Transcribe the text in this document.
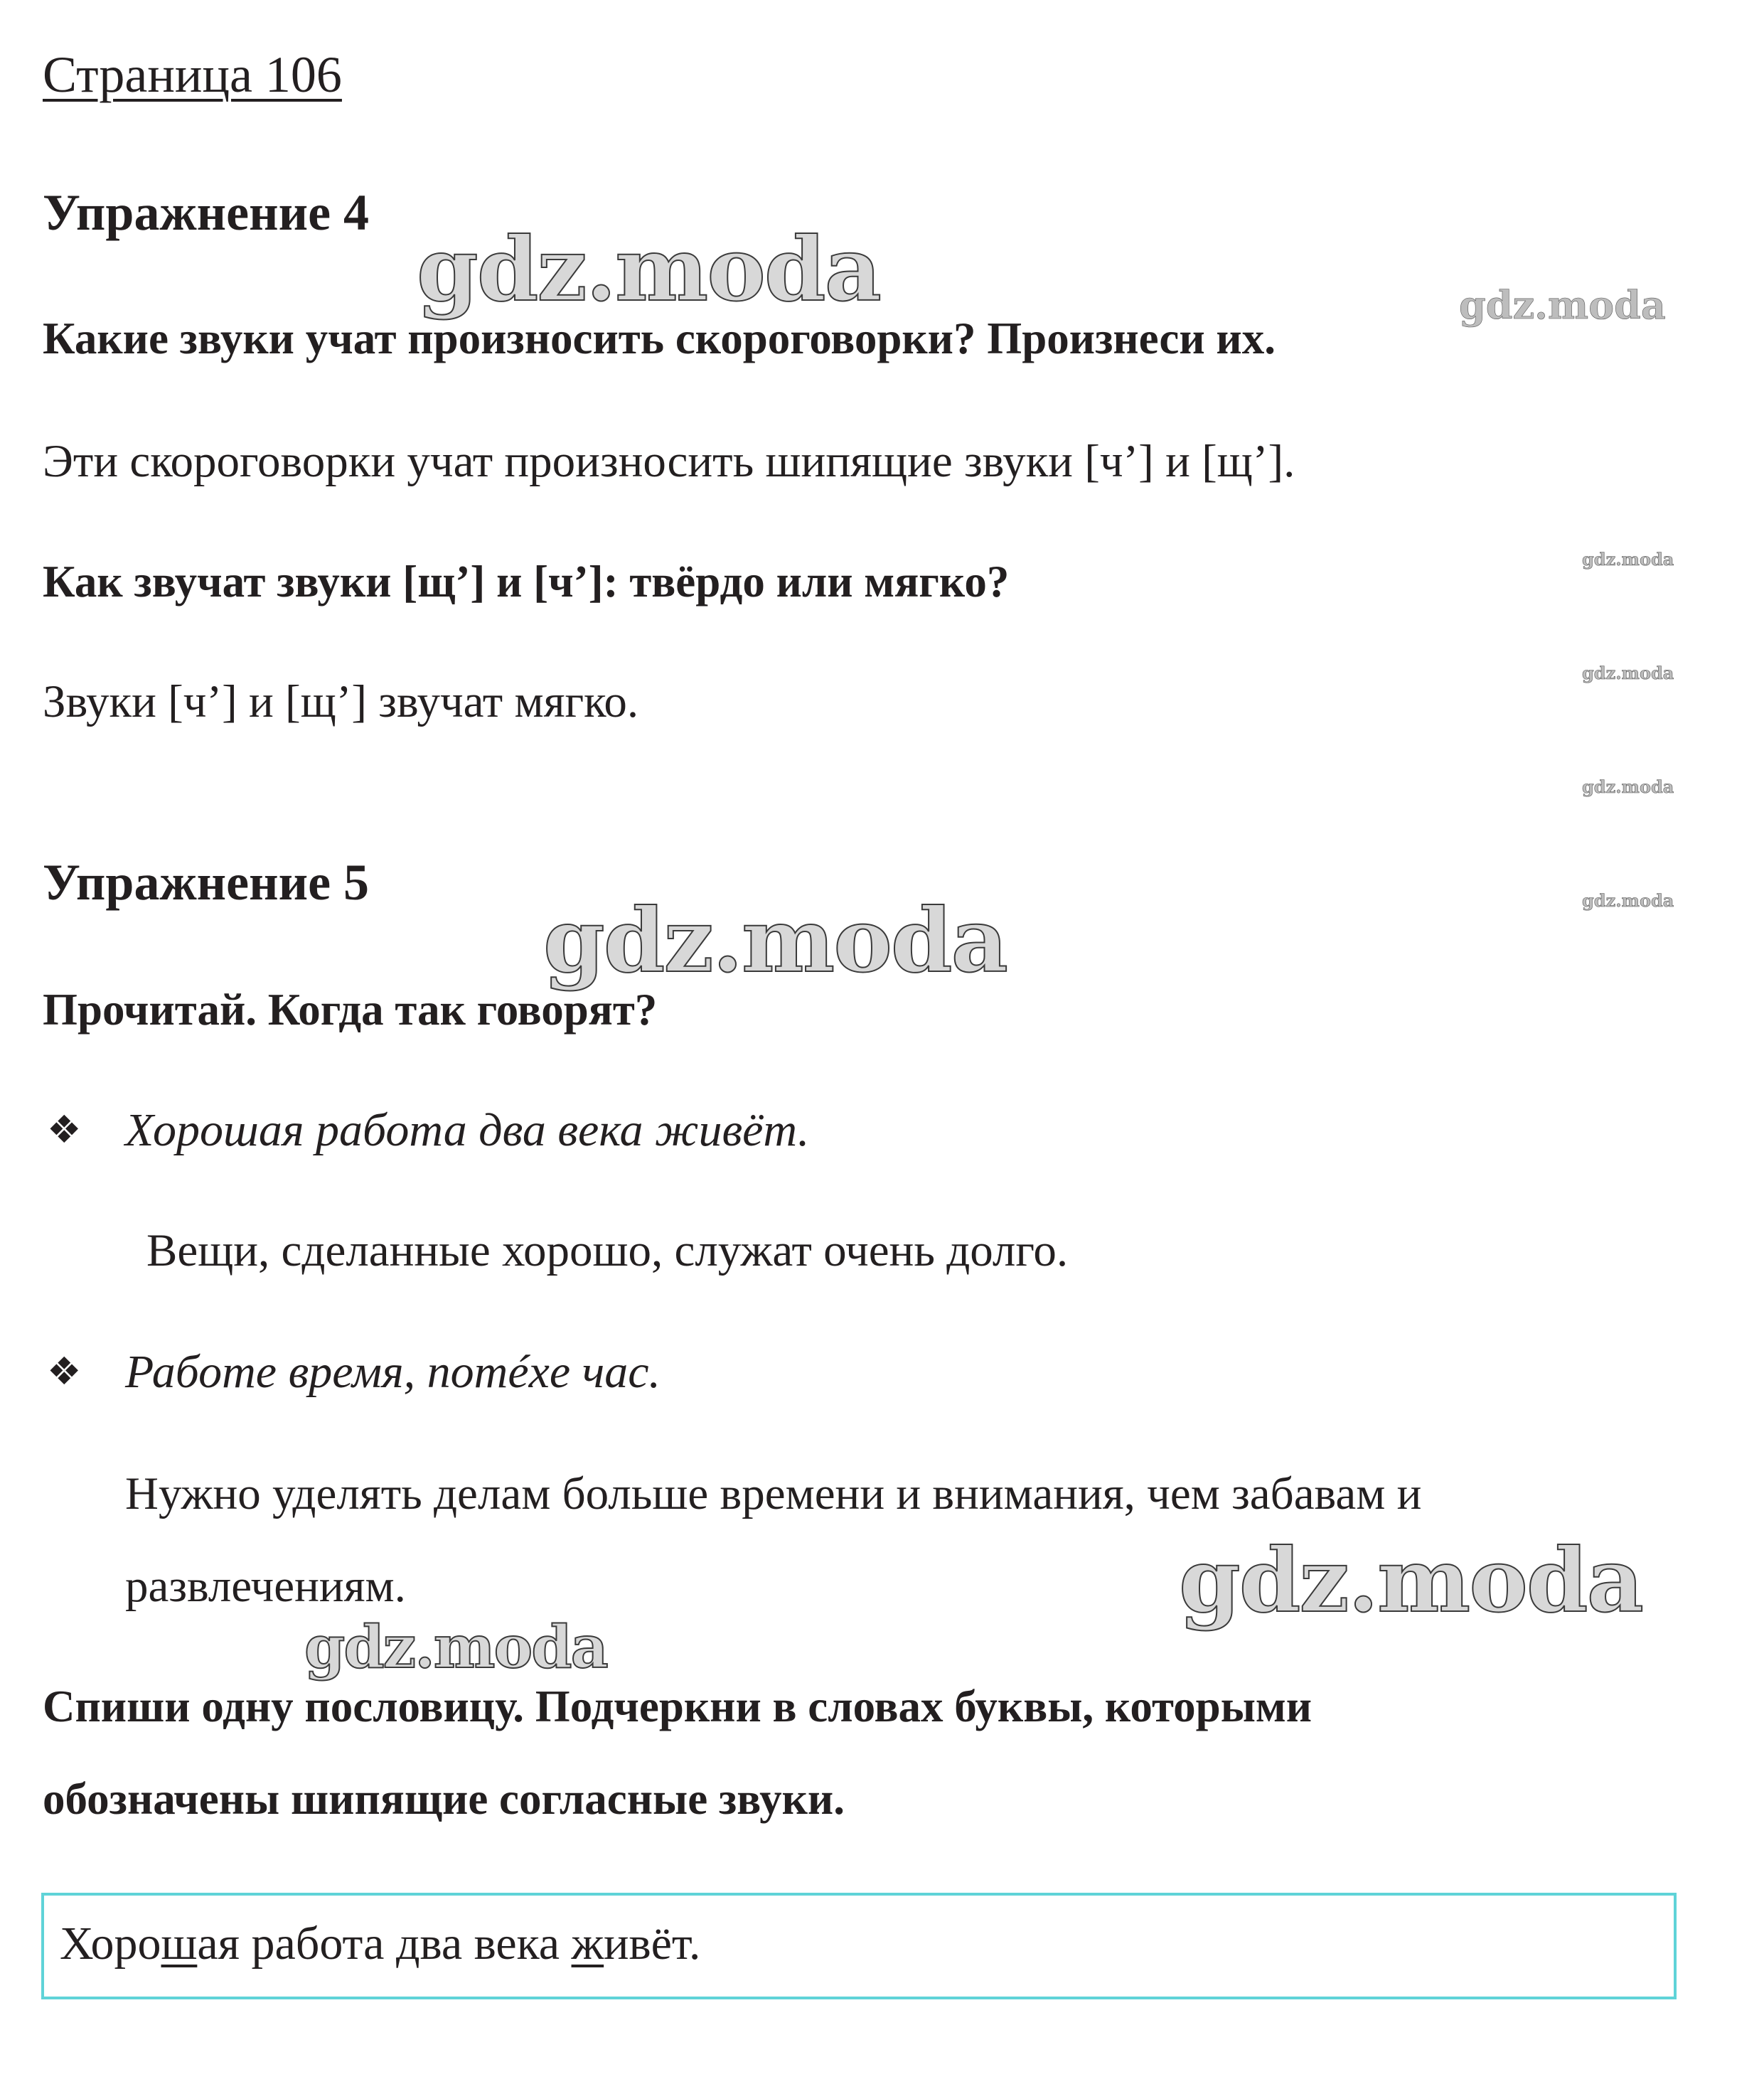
Страница 106
Упражнение 4
Какие звуки учат произносить скороговорки? Произнеси их.
Эти скороговорки учат произносить шипящие звуки [ч’] и [щ’].
Как звучат звуки [щ’] и [ч’]: твёрдо или мягко?
Звуки [ч’] и [щ’] звучат мягко.
Упражнение 5
Прочитай. Когда так говорят?
❖ Хорошая работа два века живёт.
Вещи, сделанные хорошо, служат очень долго.
❖ Работе время, потéхе час.
Нужно уделять делам больше времени и внимания, чем забавам и
развлечениям.
Спиши одну пословицу. Подчеркни в словах буквы, которыми
обозначены шипящие согласные звуки.
Хорошая работа два века живёт.
gdz.moda	gdz.moda
gdz.moda
gdz.moda
gdz.moda
gdz.moda
gdz.moda
gdz.moda
gdz.moda
